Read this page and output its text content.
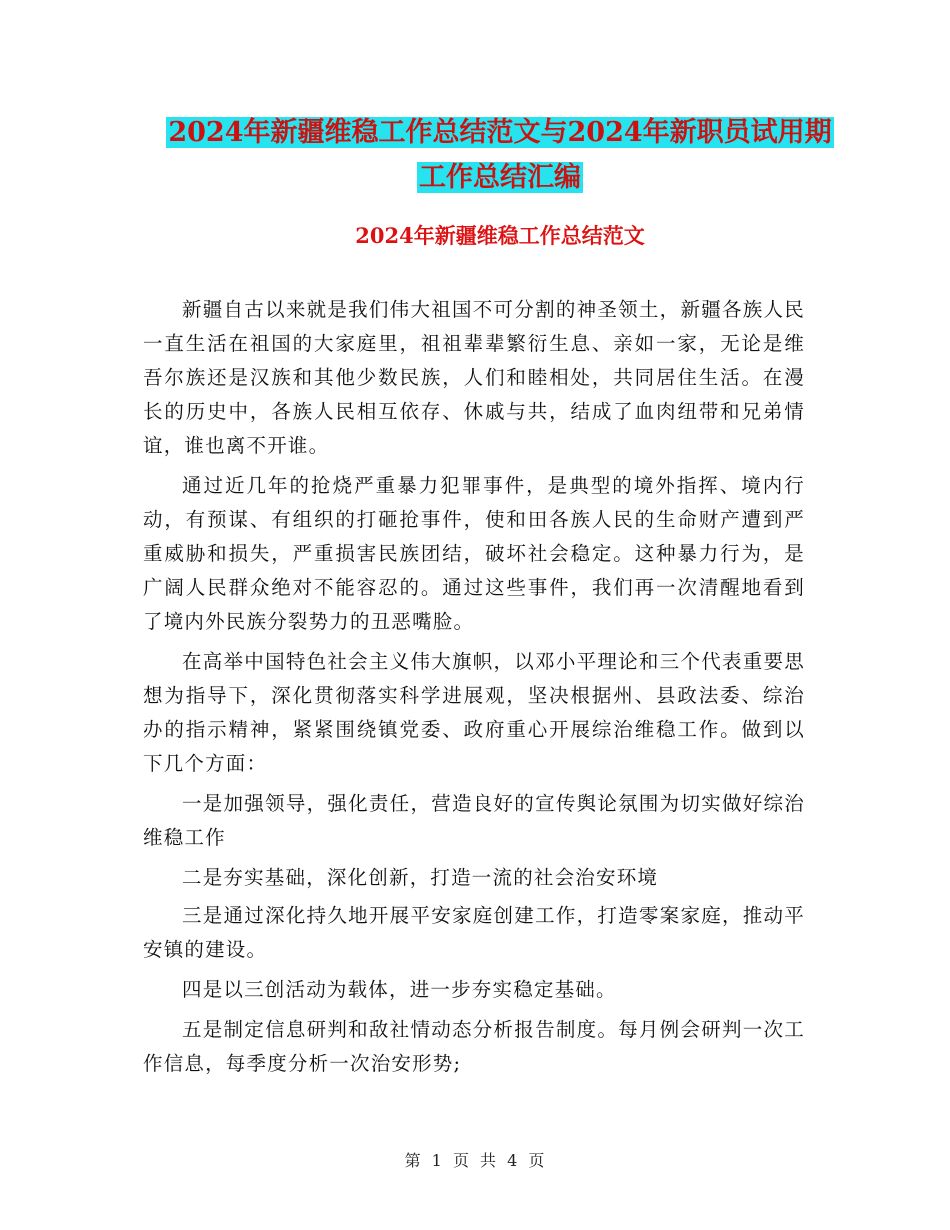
2024年新疆维稳工作总结范文与2024年新职员试用期
工作总结汇编
2024年新疆维稳工作总结范文

新疆自古以来就是我们伟大祖国不可分割的神圣领土，新疆各族人民一直生活在祖国的大家庭里，祖祖辈辈繁衍生息、亲如一家，无论是维吾尔族还是汉族和其他少数民族，人们和睦相处，共同居住生活。在漫长的历史中，各族人民相互依存、休戚与共，结成了血肉纽带和兄弟情谊，谁也离不开谁。

通过近几年的抢烧严重暴力犯罪事件，是典型的境外指挥、境内行动，有预谋、有组织的打砸抢事件，使和田各族人民的生命财产遭到严重威胁和损失，严重损害民族团结，破坏社会稳定。这种暴力行为，是广阔人民群众绝对不能容忍的。通过这些事件，我们再一次清醒地看到了境内外民族分裂势力的丑恶嘴脸。

在高举中国特色社会主义伟大旗帜，以邓小平理论和三个代表重要思想为指导下，深化贯彻落实科学进展观，坚决根据州、县政法委、综治办的指示精神，紧紧围绕镇党委、政府重心开展综治维稳工作。做到以下几个方面：

一是加强领导，强化责任，营造良好的宣传舆论氛围为切实做好综治维稳工作

二是夯实基础，深化创新，打造一流的社会治安环境

三是通过深化持久地开展平安家庭创建工作，打造零案家庭，推动平安镇的建设。

四是以三创活动为载体，进一步夯实稳定基础。

五是制定信息研判和敌社情动态分析报告制度。每月例会研判一次工作信息，每季度分析一次治安形势;

第 1 页 共 4 页
